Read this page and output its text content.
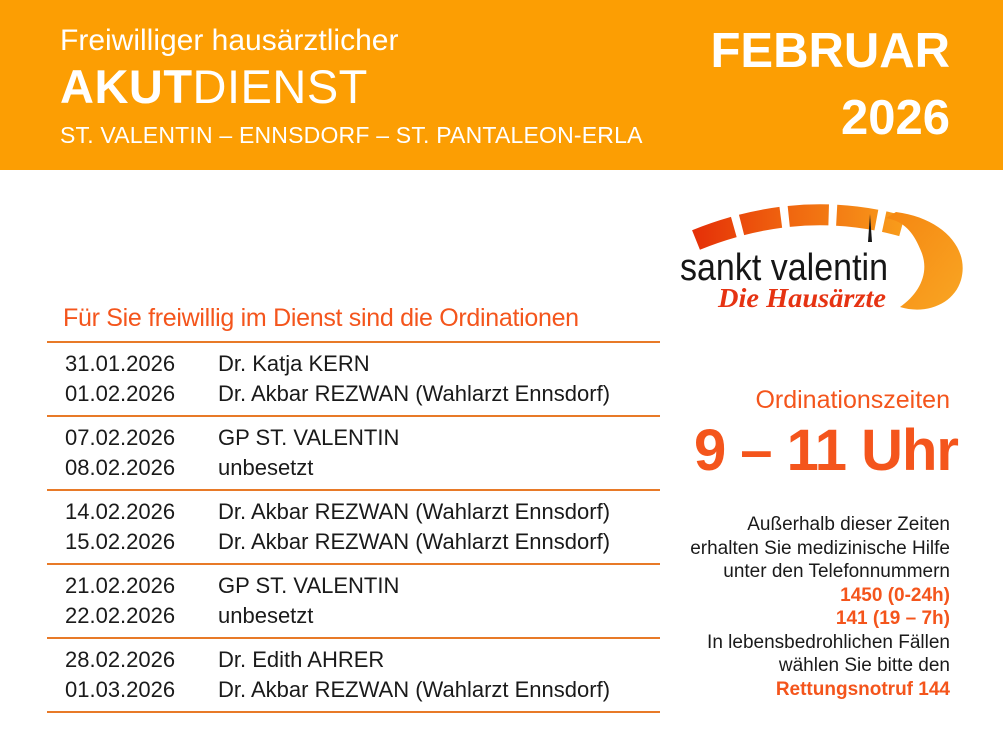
Freiwilliger hausärztlicher
AKUTDIENST
ST. VALENTIN – ENNSDORF – ST. PANTALEON-ERLA
FEBRUAR
2026
sankt valentin
Die Hausärzte
Für Sie freiwillig im Dienst sind die Ordinationen
31.01.2026	Dr. Katja KERN
01.02.2026	Dr. Akbar REZWAN (Wahlarzt Ennsdorf)
07.02.2026	GP ST. VALENTIN
08.02.2026	unbesetzt
14.02.2026	Dr. Akbar REZWAN (Wahlarzt Ennsdorf)
15.02.2026	Dr. Akbar REZWAN (Wahlarzt Ennsdorf)
21.02.2026	GP ST. VALENTIN
22.02.2026	unbesetzt
28.02.2026	Dr. Edith AHRER
01.03.2026	Dr. Akbar REZWAN (Wahlarzt Ennsdorf)
Ordinationszeiten
9 – 11 Uhr
Außerhalb dieser Zeiten
erhalten Sie medizinische Hilfe
unter den Telefonnummern
1450 (0-24h)
141 (19 – 7h)
In lebensbedrohlichen Fällen
wählen Sie bitte den
Rettungsnotruf 144
